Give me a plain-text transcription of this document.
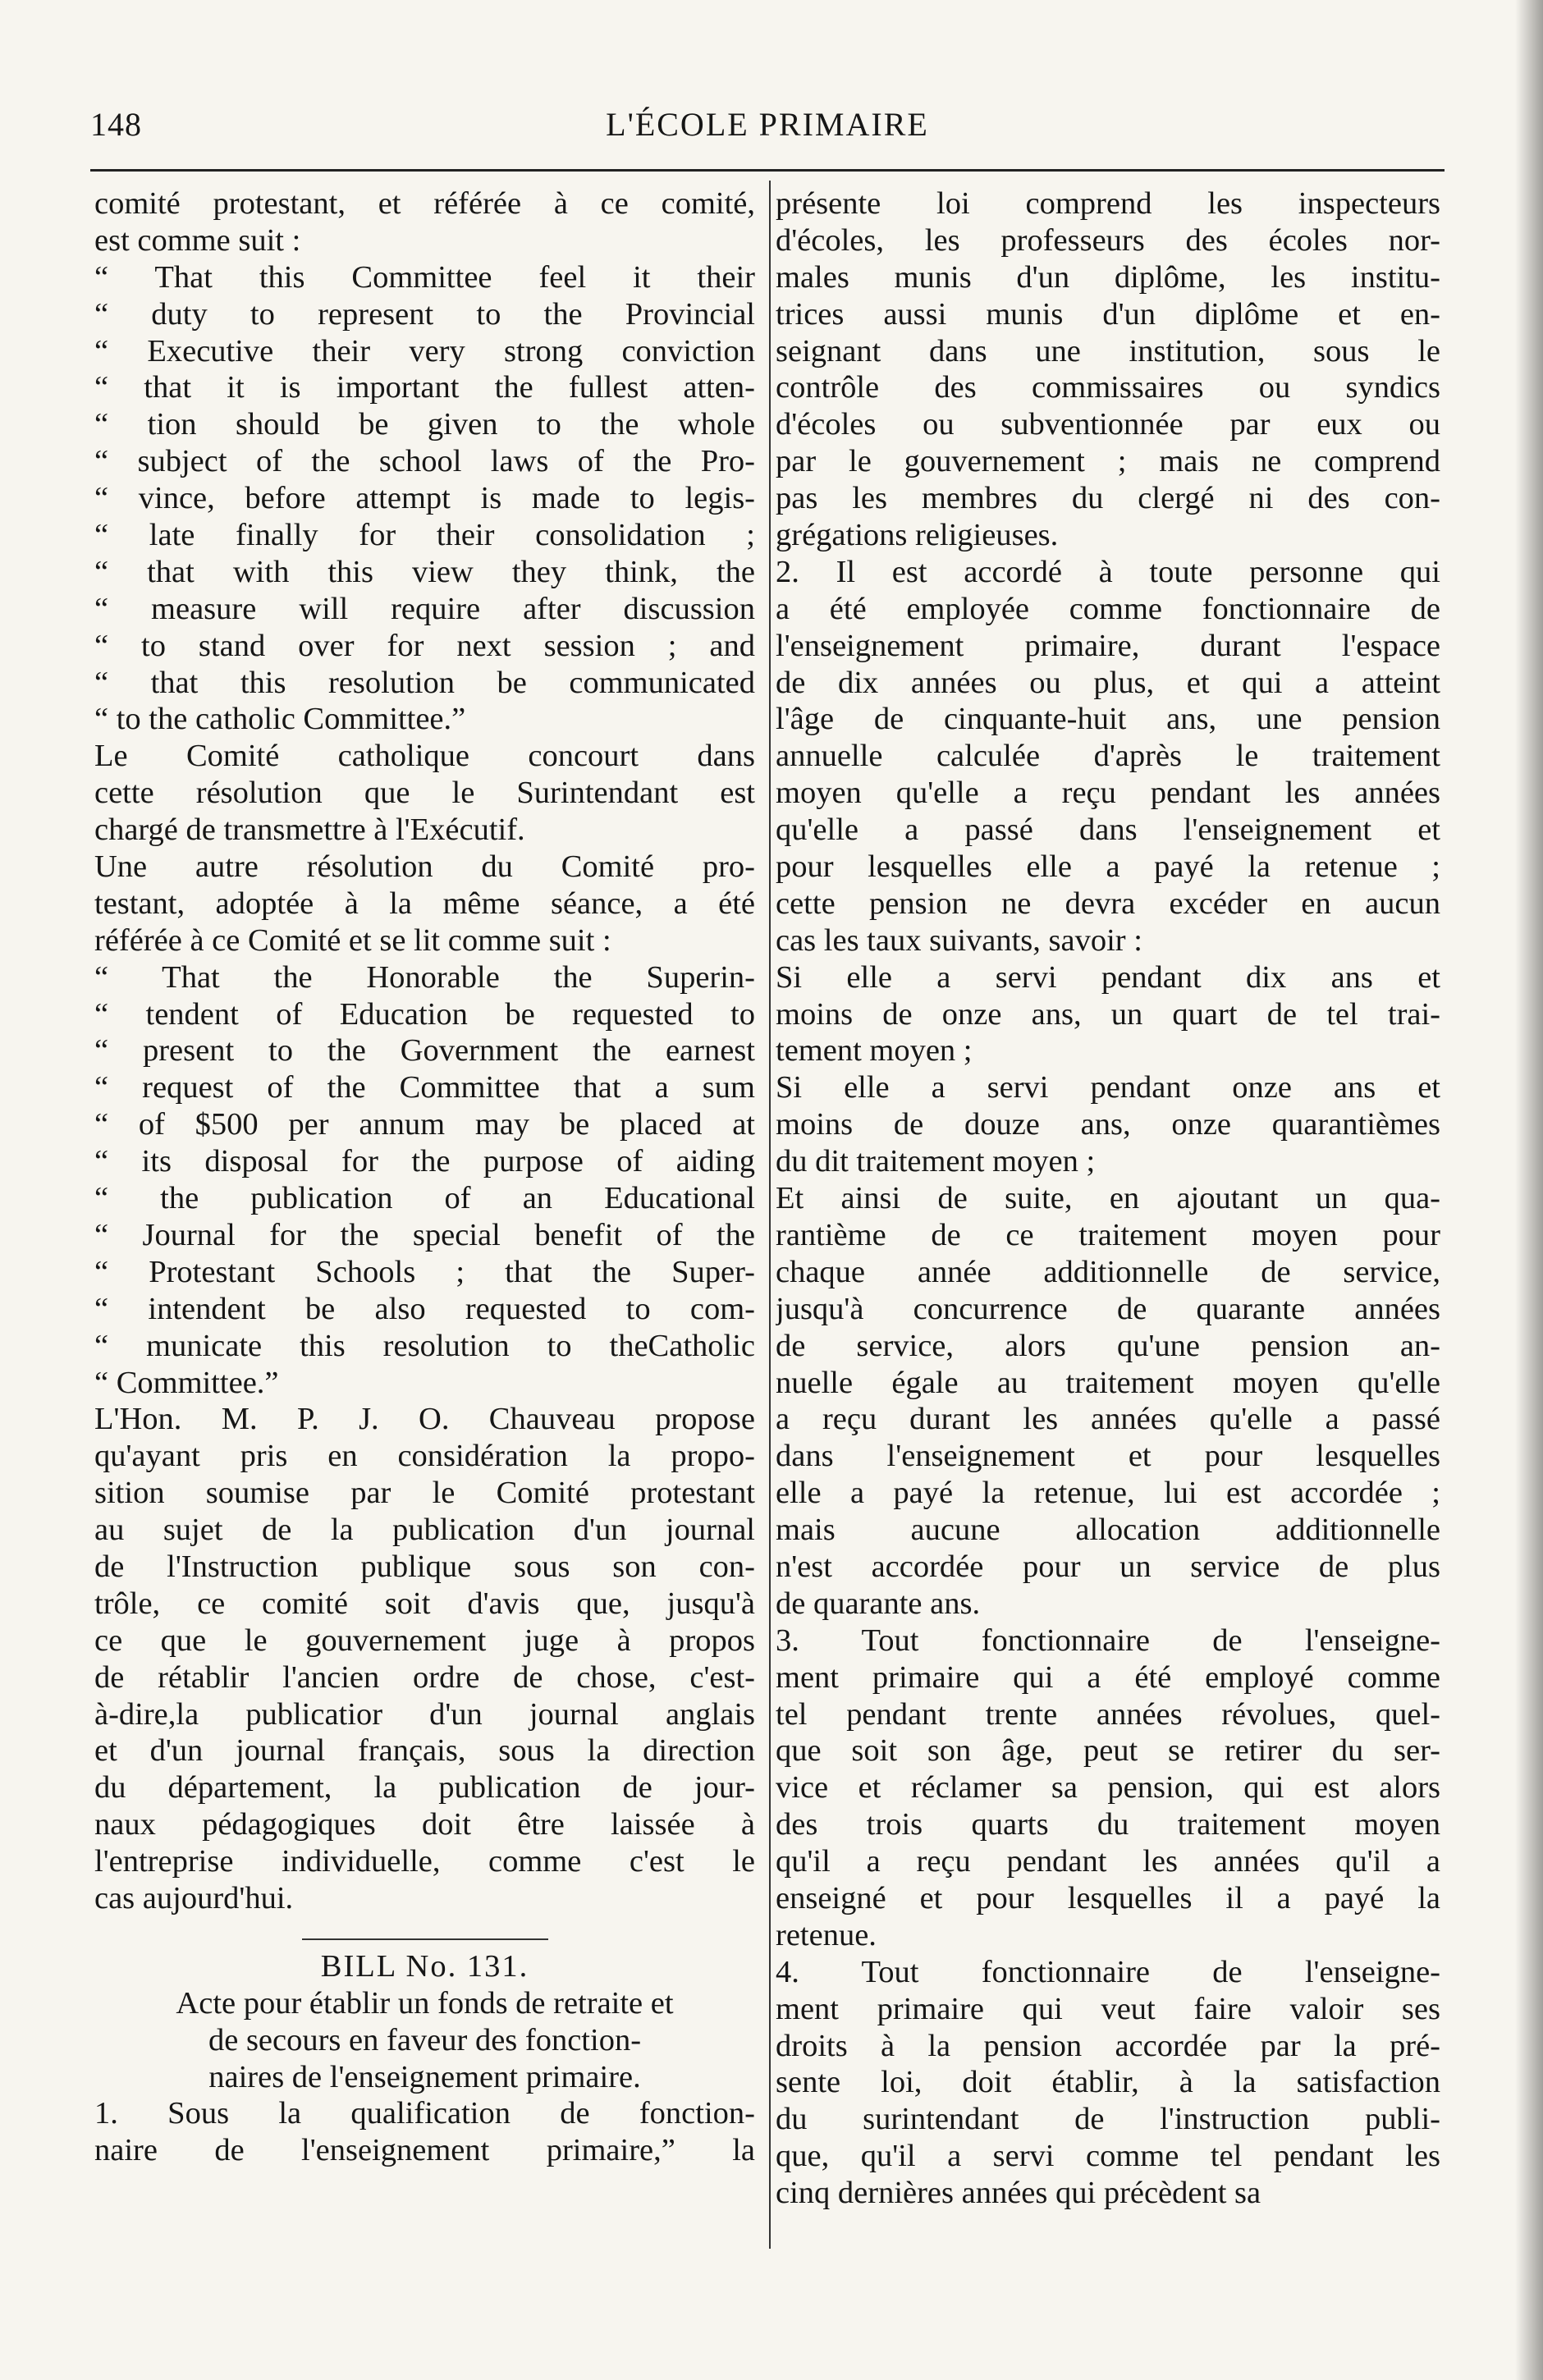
148	L'ÉCOLE PRIMAIRE
comité protestant, et référée à ce comité,
est comme suit :
“ That this Committee feel it their
“ duty to represent to the Provincial
“ Executive their very strong conviction
“ that it is important the fullest atten-
“ tion should be given to the whole
“ subject of the school laws of the Pro-
“ vince, before attempt is made to legis-
“ late finally for their consolidation ;
“ that with this view they think, the
“ measure will require after discussion
“ to stand over for next session ; and
“ that this resolution be communicated
“ to the catholic Committee.”
Le Comité catholique concourt dans
cette résolution que le Surintendant est
chargé de transmettre à l'Exécutif.
Une autre résolution du Comité pro-
testant, adoptée à la même séance, a été
référée à ce Comité et se lit comme suit :
“ That the Honorable the Superin-
“ tendent of Education be requested to
“ present to the Government the earnest
“ request of the Committee that a sum
“ of $500 per annum may be placed at
“ its disposal for the purpose of aiding
“ the publication of an Educational
“ Journal for the special benefit of the
“ Protestant Schools ; that the Super-
“ intendent be also requested to com-
“ municate this resolution to theCatholic
“ Committee.”
L'Hon. M. P. J. O. Chauveau propose
qu'ayant pris en considération la propo-
sition soumise par le Comité protestant
au sujet de la publication d'un journal
de l'Instruction publique sous son con-
trôle, ce comité soit d'avis que, jusqu'à
ce que le gouvernement juge à propos
de rétablir l'ancien ordre de chose, c'est-
à-dire,la publicatior d'un journal anglais
et d'un journal français, sous la direction
du département, la publication de jour-
naux pédagogiques doit être laissée à
l'entreprise individuelle, comme c'est le
cas aujourd'hui.
BILL No. 131.
Acte pour établir un fonds de retraite et
de secours en faveur des fonction-
naires de l'enseignement primaire.
1. Sous la qualification de fonction-
naire de l'enseignement primaire,” la
présente loi comprend les inspecteurs
d'écoles, les professeurs des écoles nor-
males munis d'un diplôme, les institu-
trices aussi munis d'un diplôme et en-
seignant dans une institution, sous le
contrôle des commissaires ou syndics
d'écoles ou subventionnée par eux ou
par le gouvernement ; mais ne comprend
pas les membres du clergé ni des con-
grégations religieuses.
2. Il est accordé à toute personne qui
a été employée comme fonctionnaire de
l'enseignement primaire, durant l'espace
de dix années ou plus, et qui a atteint
l'âge de cinquante-huit ans, une pension
annuelle calculée d'après le traitement
moyen qu'elle a reçu pendant les années
qu'elle a passé dans l'enseignement et
pour lesquelles elle a payé la retenue ;
cette pension ne devra excéder en aucun
cas les taux suivants, savoir :
Si elle a servi pendant dix ans et
moins de onze ans, un quart de tel trai-
tement moyen ;
Si elle a servi pendant onze ans et
moins de douze ans, onze quarantièmes
du dit traitement moyen ;
Et ainsi de suite, en ajoutant un qua-
rantième de ce traitement moyen pour
chaque année additionnelle de service,
jusqu'à concurrence de quarante années
de service, alors qu'une pension an-
nuelle égale au traitement moyen qu'elle
a reçu durant les années qu'elle a passé
dans l'enseignement et pour lesquelles
elle a payé la retenue, lui est accordée ;
mais aucune allocation additionnelle
n'est accordée pour un service de plus
de quarante ans.
3. Tout fonctionnaire de l'enseigne-
ment primaire qui a été employé comme
tel pendant trente années révolues, quel-
que soit son âge, peut se retirer du ser-
vice et réclamer sa pension, qui est alors
des trois quarts du traitement moyen
qu'il a reçu pendant les années qu'il a
enseigné et pour lesquelles il a payé la
retenue.
4. Tout fonctionnaire de l'enseigne-
ment primaire qui veut faire valoir ses
droits à la pension accordée par la pré-
sente loi, doit établir, à la satisfaction
du surintendant de l'instruction publi-
que, qu'il a servi comme tel pendant les
cinq dernières années qui précèdent sa
